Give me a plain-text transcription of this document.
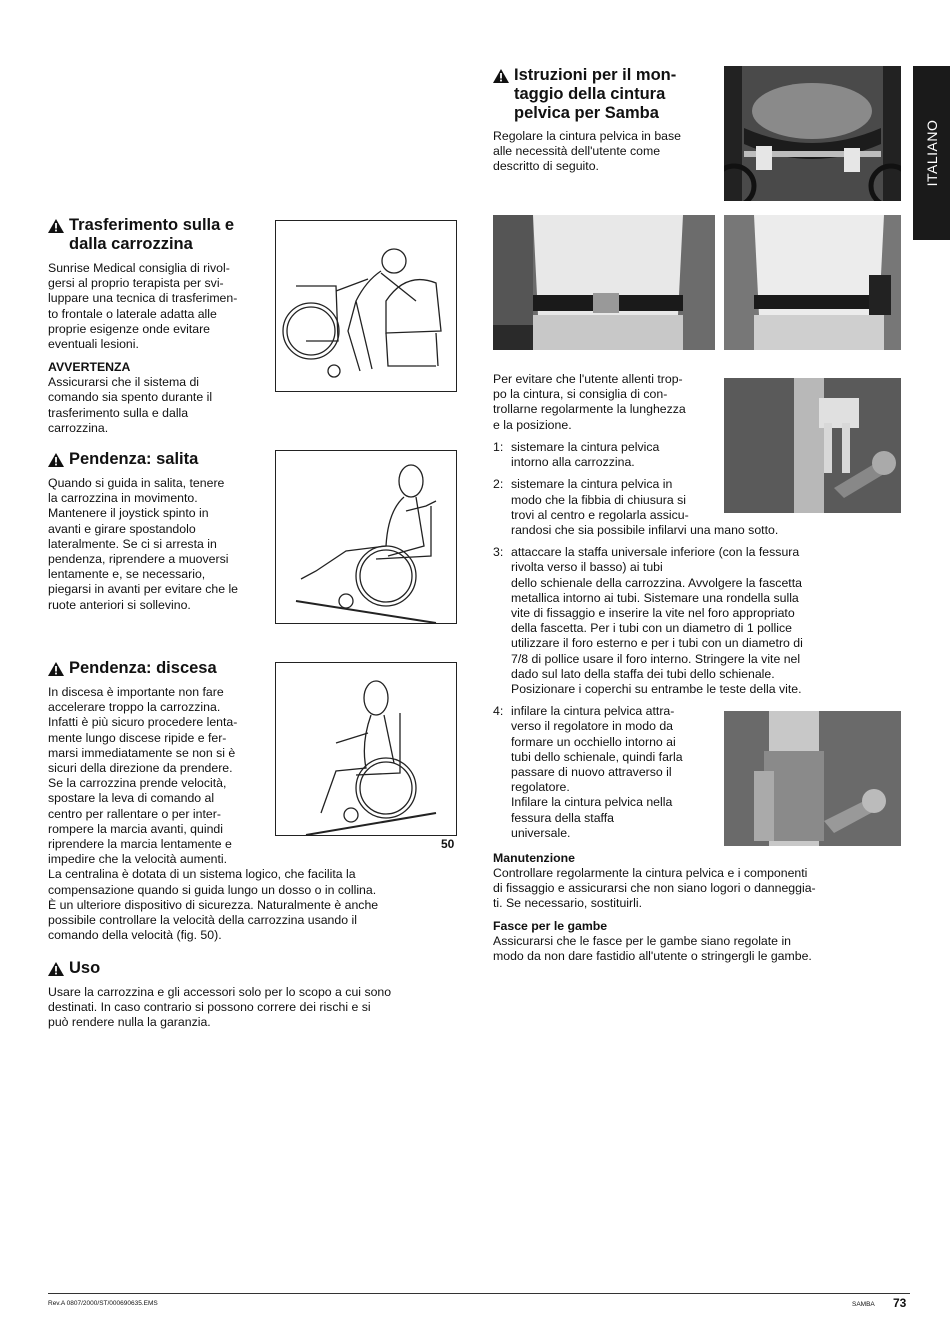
ITALIANO
Istruzioni per il mon-
taggio della cintura
pelvica per Samba

Regolare la cintura pelvica in base
alle necessità dell'utente come
descritto di seguito.

Trasferimento sulla e
dalla carrozzina

Sunrise Medical consiglia di rivol-
gersi al proprio terapista per svi-
luppare una tecnica di trasferimen-
to frontale o laterale adatta alle
proprie esigenze onde evitare
eventuali lesioni.

AVVERTENZA

Assicurarsi che il sistema di
comando sia spento durante il
trasferimento sulla e dalla
carrozzina.

Pendenza: salita

Quando si guida in salita, tenere
la carrozzina in movimento.
Mantenere il joystick spinto in
avanti e girare spostandolo
lateralmente. Se ci si arresta in
pendenza, riprendere a muoversi
lentamente e, se necessario,
piegarsi in avanti per evitare che le
ruote anteriori si sollevino.

Pendenza: discesa

In discesa è importante non fare
accelerare troppo la carrozzina.
Infatti è più sicuro procedere lenta-
mente lungo discese ripide e fer-
marsi immediatamente se non si è
sicuri della direzione da prendere.
Se la carrozzina prende velocità,
spostare la leva di comando al
centro per rallentare o per inter-
rompere la marcia avanti, quindi
riprendere la marcia lentamente e
impedire che la velocità aumenti.
La centralina è dotata di un sistema logico, che facilita la
compensazione quando si guida lungo un dosso o in collina.
È un ulteriore dispositivo di sicurezza. Naturalmente è anche
possibile controllare la velocità della carrozzina usando il
comando della velocità (fig. 50).

50
Uso

Usare la carrozzina e gli accessori solo per lo scopo a cui sono
destinati. In caso contrario si possono correre dei rischi e si
può rendere nulla la garanzia.

Per evitare che l'utente allenti trop-
po la cintura, si consiglia di con-
trollarne regolarmente la lunghezza
e la posizione.

1: sistemare la cintura pelvica
intorno alla carrozzina.
2: sistemare la cintura pelvica in
modo che la fibbia di chiusura si
trovi al centro e regolarla assicu-
randosi che sia possibile infilarvi una mano sotto.
3: attaccare la staffa universale inferiore (con la fessura
rivolta verso il basso) ai tubi
dello schienale della carrozzina. Avvolgere la fascetta
metallica intorno ai tubi. Sistemare una rondella sulla
vite di fissaggio e inserire la vite nel foro appropriato
della fascetta. Per i tubi con un diametro di 1 pollice
utilizzare il foro esterno e per i tubi con un diametro di
7/8 di pollice usare il foro interno. Stringere la vite nel
dado sul lato della staffa dei tubi dello schienale.
Posizionare i coperchi su entrambe le teste della vite.
4: infilare la cintura pelvica attra-
verso il regolatore in modo da
formare un occhiello intorno ai
tubi dello schienale, quindi farla
passare di nuovo attraverso il
regolatore.
Infilare la cintura pelvica nella
fessura della staffa
universale.

Manutenzione

Controllare regolarmente la cintura pelvica e i componenti
di fissaggio e assicurarsi che non siano logori o danneggia-
ti. Se necessario, sostituirli.

Fasce per le gambe

Assicurarsi che le fasce per le gambe siano regolate in
modo da non dare fastidio all'utente o stringergli le gambe.

Rev.A 0807/2000/ST/000690635.EMS	SAMBA 73
